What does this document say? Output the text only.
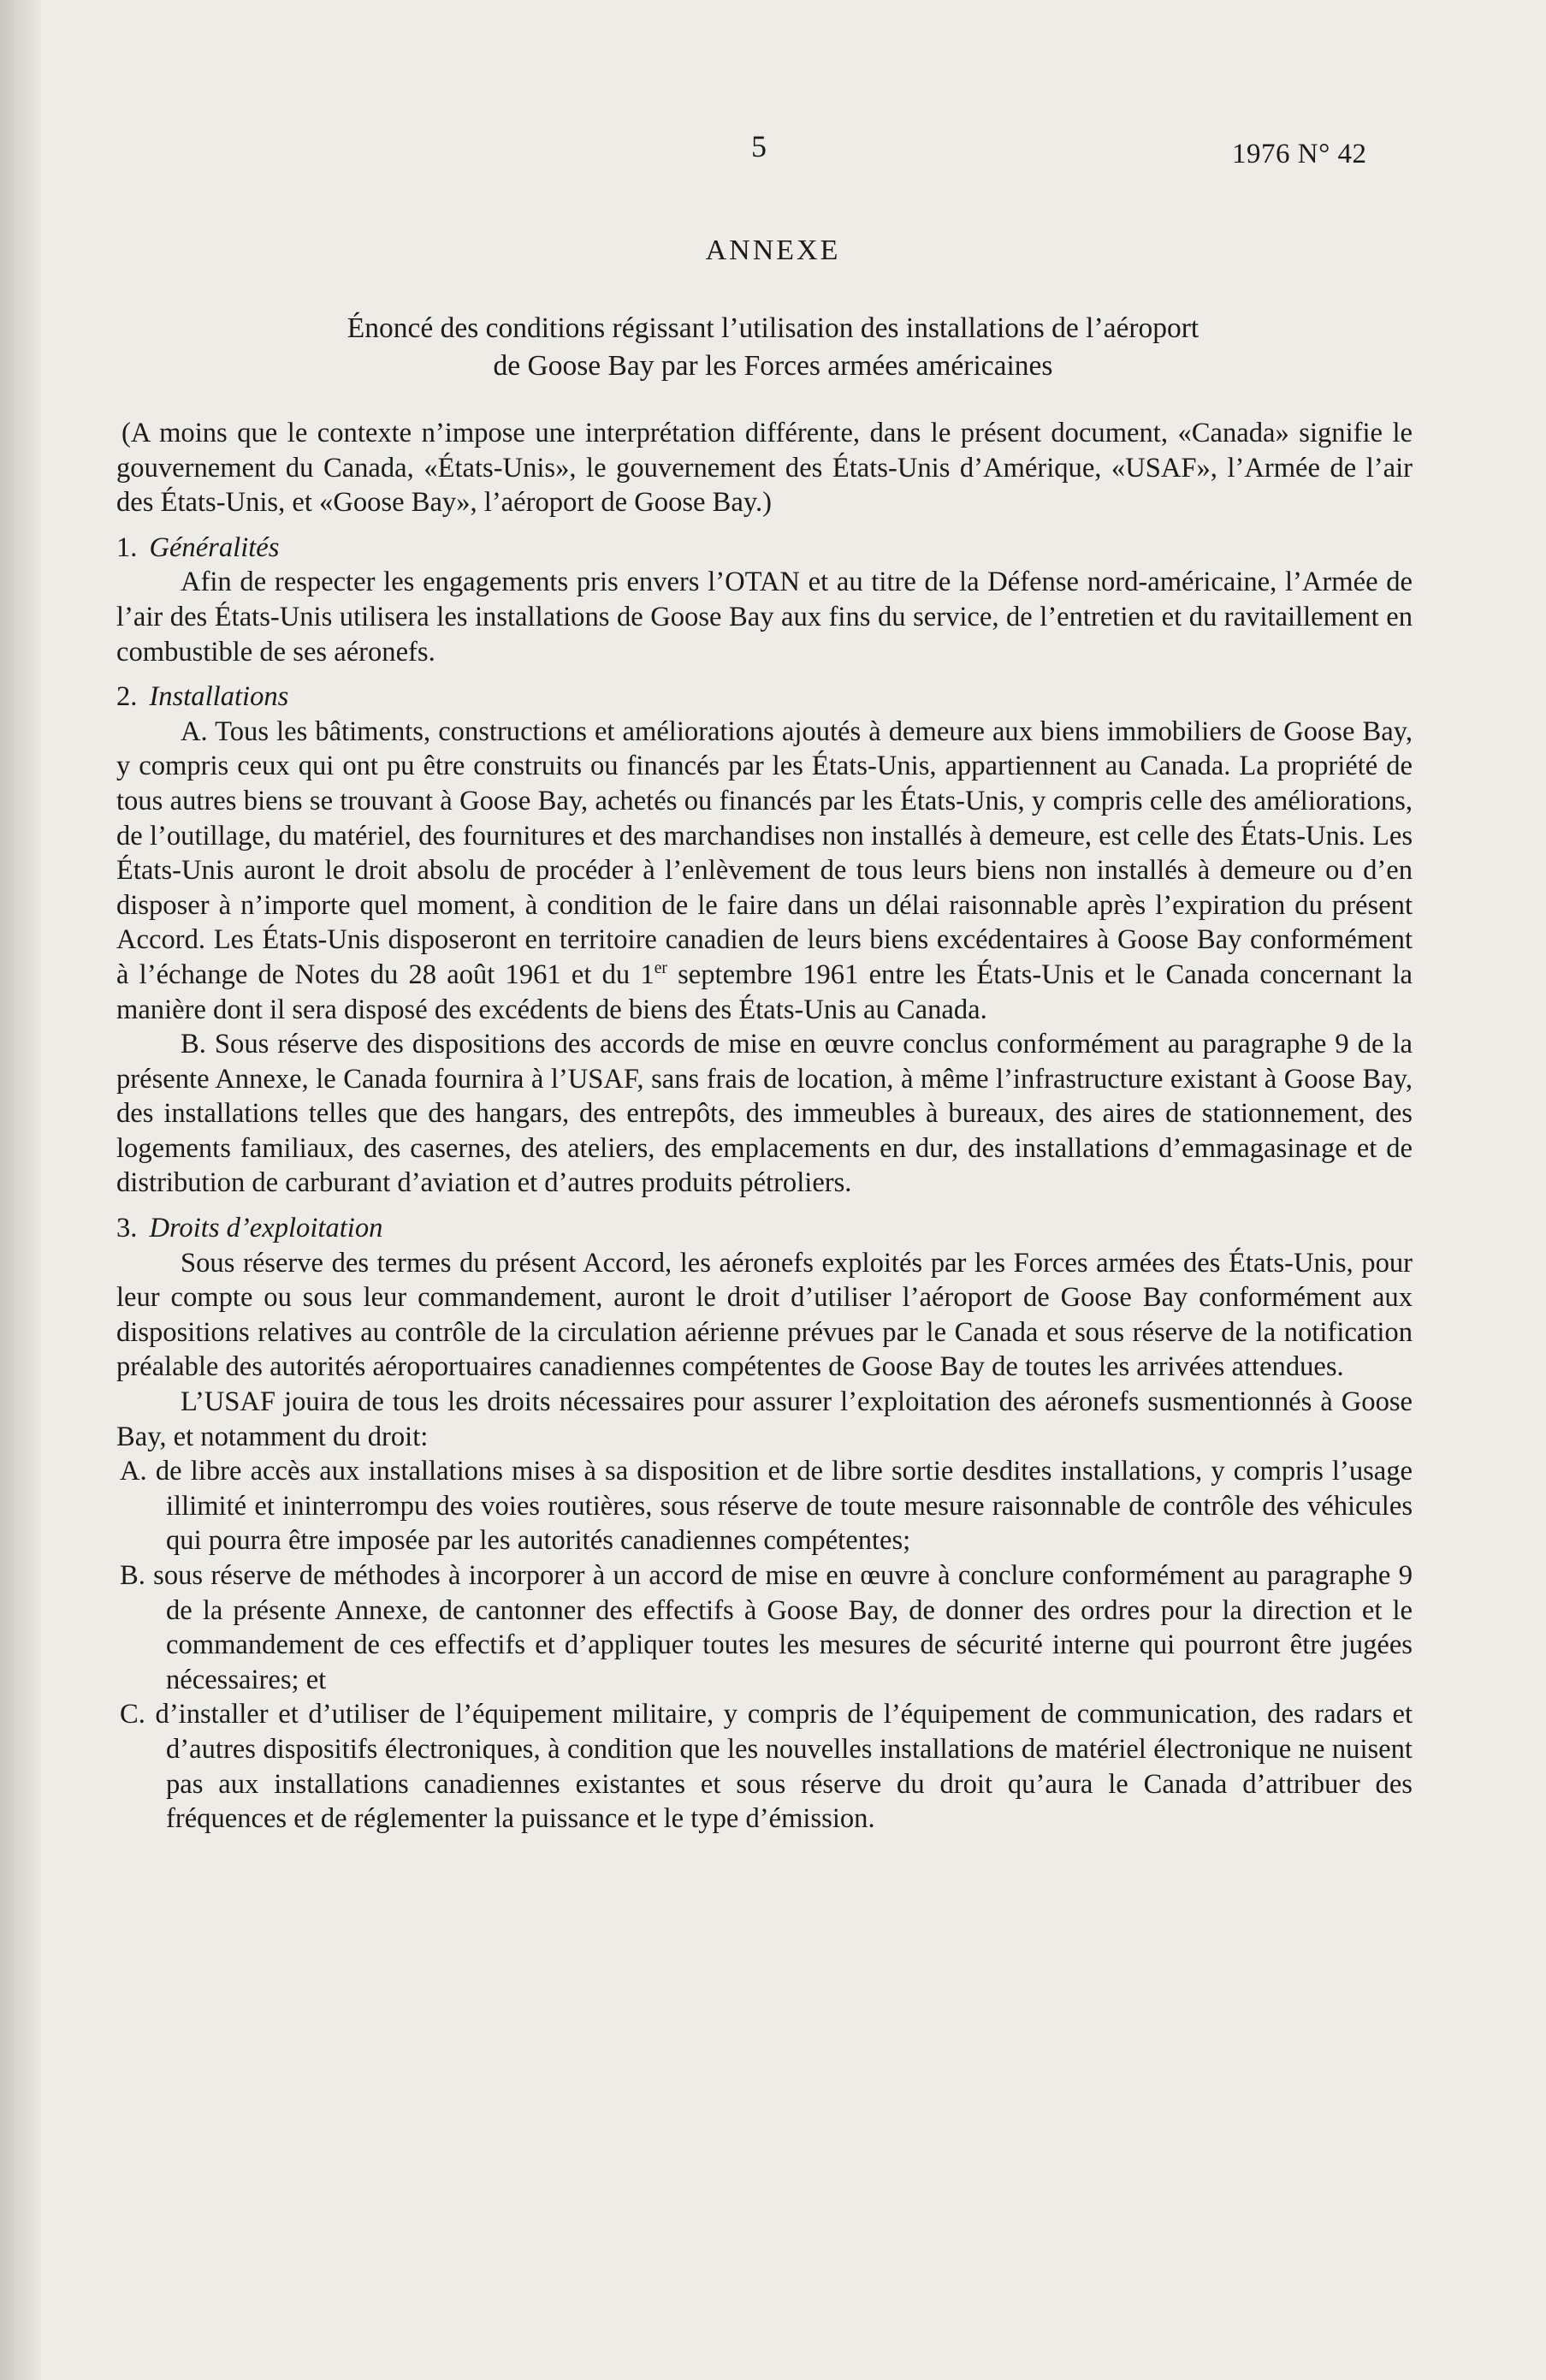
5	1976 N° 42
ANNEXE
Énoncé des conditions régissant l’utilisation des installations de l’aéroport
de Goose Bay par les Forces armées américaines

(A moins que le contexte n’impose une interprétation différente, dans le présent document, «Canada» signifie le gouvernement du Canada, «États-Unis», le gouvernement des États-Unis d’Amérique, «USAF», l’Armée de l’air des États-Unis, et «Goose Bay», l’aéroport de Goose Bay.)

1. Généralités

Afin de respecter les engagements pris envers l’OTAN et au titre de la Défense nord-américaine, l’Armée de l’air des États-Unis utilisera les installations de Goose Bay aux fins du service, de l’entretien et du ravitaillement en combustible de ses aéronefs.

2. Installations

A. Tous les bâtiments, constructions et améliorations ajoutés à demeure aux biens immobiliers de Goose Bay, y compris ceux qui ont pu être construits ou financés par les États-Unis, appartiennent au Canada. La propriété de tous autres biens se trouvant à Goose Bay, achetés ou financés par les États-Unis, y compris celle des améliorations, de l’outillage, du matériel, des fournitures et des marchandises non installés à demeure, est celle des États-Unis. Les États-Unis auront le droit absolu de procéder à l’enlèvement de tous leurs biens non installés à demeure ou d’en disposer à n’importe quel moment, à condition de le faire dans un délai raisonnable après l’expiration du présent Accord. Les États-Unis disposeront en territoire canadien de leurs biens excédentaires à Goose Bay conformément à l’échange de Notes du 28 août 1961 et du 1er septembre 1961 entre les États-Unis et le Canada concernant la manière dont il sera disposé des excédents de biens des États-Unis au Canada.

B. Sous réserve des dispositions des accords de mise en œuvre conclus conformément au paragraphe 9 de la présente Annexe, le Canada fournira à l’USAF, sans frais de location, à même l’infrastructure existant à Goose Bay, des installations telles que des hangars, des entrepôts, des immeubles à bureaux, des aires de stationnement, des logements familiaux, des casernes, des ateliers, des emplacements en dur, des installations d’emmagasinage et de distribution de carburant d’aviation et d’autres produits pétroliers.

3. Droits d’exploitation

Sous réserve des termes du présent Accord, les aéronefs exploités par les Forces armées des États-Unis, pour leur compte ou sous leur commandement, auront le droit d’utiliser l’aéroport de Goose Bay conformément aux dispositions relatives au contrôle de la circulation aérienne prévues par le Canada et sous réserve de la notification préalable des autorités aéroportuaires canadiennes compétentes de Goose Bay de toutes les arrivées attendues.

L’USAF jouira de tous les droits nécessaires pour assurer l’exploitation des aéronefs susmentionnés à Goose Bay, et notamment du droit:

A. de libre accès aux installations mises à sa disposition et de libre sortie desdites installations, y compris l’usage illimité et ininterrompu des voies routières, sous réserve de toute mesure raisonnable de contrôle des véhicules qui pourra être imposée par les autorités canadiennes compétentes;

B. sous réserve de méthodes à incorporer à un accord de mise en œuvre à conclure conformément au paragraphe 9 de la présente Annexe, de cantonner des effectifs à Goose Bay, de donner des ordres pour la direction et le commandement de ces effectifs et d’appliquer toutes les mesures de sécurité interne qui pourront être jugées nécessaires; et

C. d’installer et d’utiliser de l’équipement militaire, y compris de l’équipement de communication, des radars et d’autres dispositifs électroniques, à condition que les nouvelles installations de matériel électronique ne nuisent pas aux installations canadiennes existantes et sous réserve du droit qu’aura le Canada d’attribuer des fréquences et de réglementer la puissance et le type d’émission.
